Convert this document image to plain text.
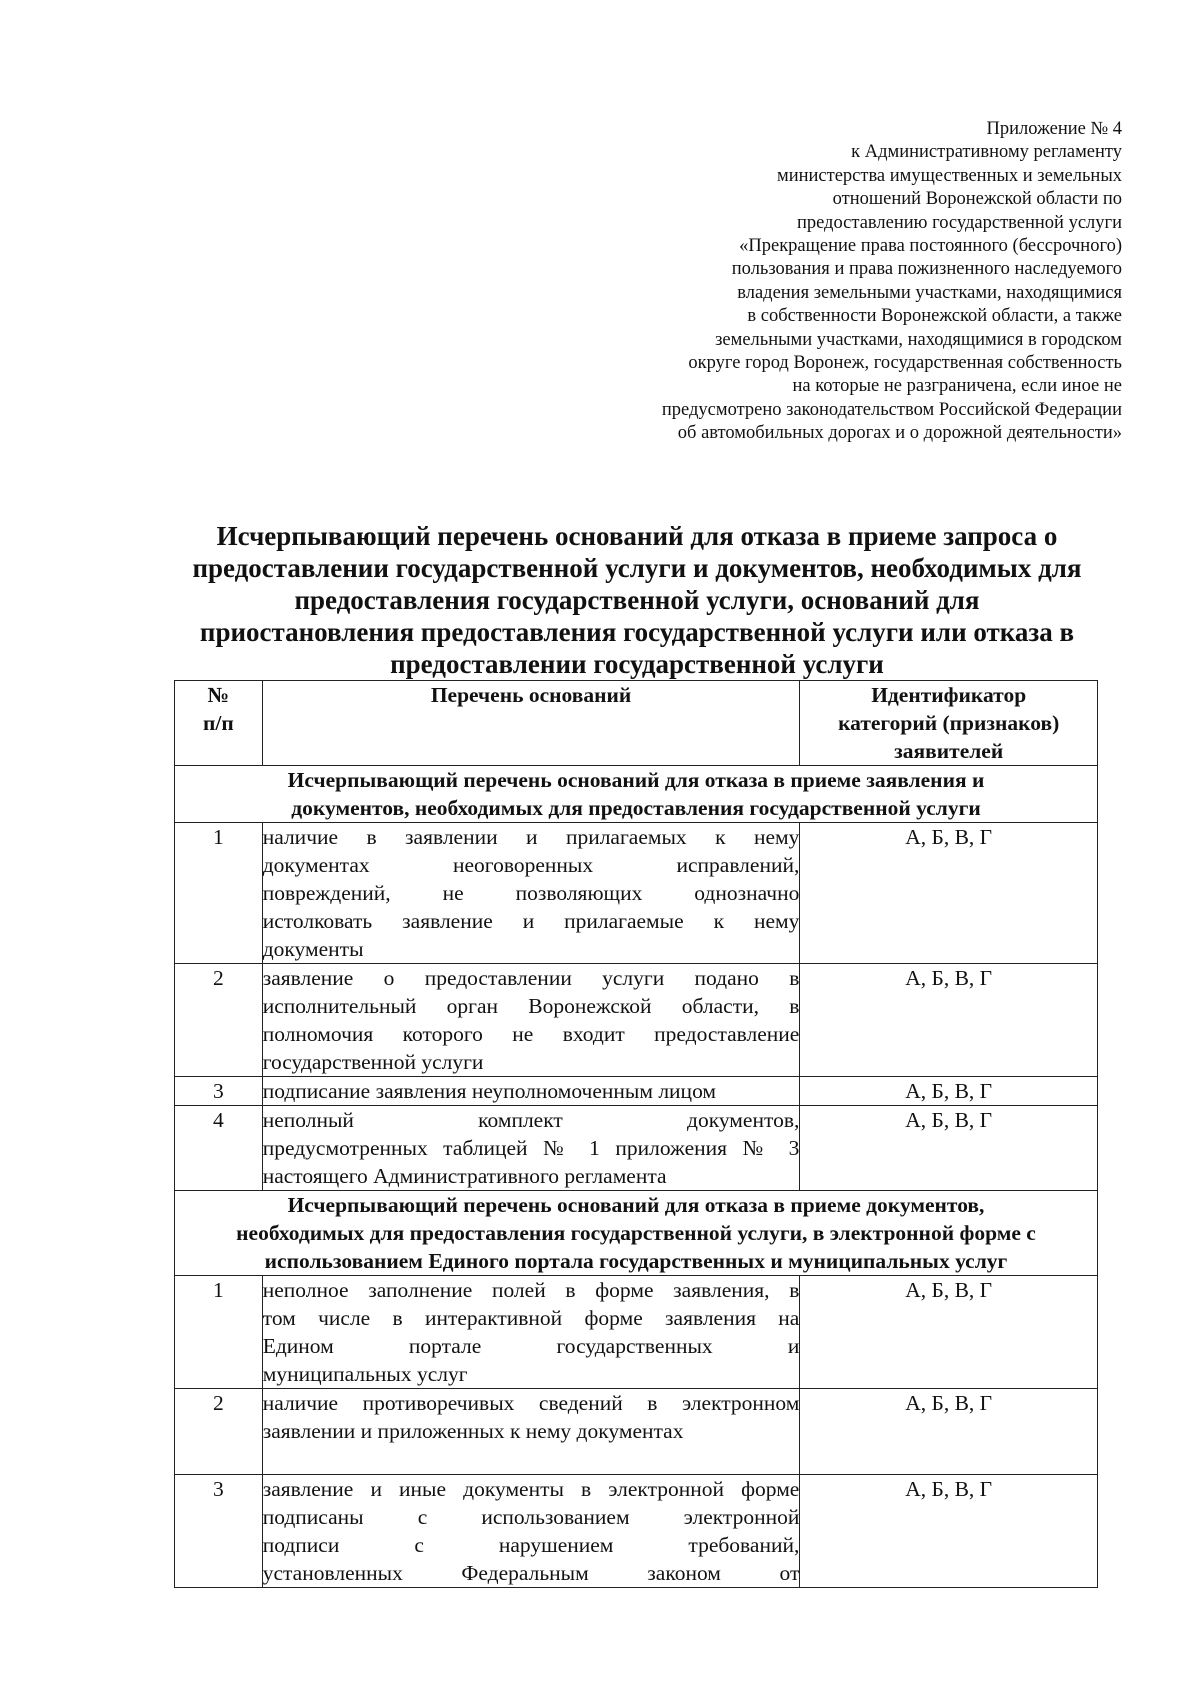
Приложение № 4
к Административному регламенту
министерства имущественных и земельных
отношений Воронежской области по
предоставлению государственной услуги
«Прекращение права постоянного (бессрочного)
пользования и права пожизненного наследуемого
владения земельными участками, находящимися
в собственности Воронежской области, а также
земельными участками, находящимися в городском
округе город Воронеж, государственная собственность
на которые не разграничена, если иное не
предусмотрено законодательством Российской Федерации
об автомобильных дорогах и о дорожной деятельности»
Исчерпывающий перечень оснований для отказа в приеме запроса о
предоставлении государственной услуги и документов, необходимых для
предоставления государственной услуги, оснований для
приостановления предоставления государственной услуги или отказа в
предоставлении государственной услуги
№
п/п	Перечень оснований	Идентификатор
категорий (признаков)
заявителей

Исчерпывающий перечень оснований для отказа в приеме заявления и
документов, необходимых для предоставления государственной услуги		

1	наличие в заявлении и прилагаемых к нему
документах неоговоренных исправлений,
повреждений, не позволяющих однозначно
истолковать заявление и прилагаемые к нему
документы	А, Б, В, Г
2	заявление о предоставлении услуги подано в
исполнительный орган Воронежской области, в
полномочия которого не входит предоставление
государственной услуги	А, Б, В, Г
3	подписание заявления неуполномоченным лицом	А, Б, В, Г
4	неполный комплект документов,
предусмотренных таблицей № 1 приложения № 3
настоящего Административного регламента	А, Б, В, Г

Исчерпывающий перечень оснований для отказа в приеме документов,
необходимых для предоставления государственной услуги, в электронной форме с
использованием Единого портала государственных и муниципальных услуг		

1	неполное заполнение полей в форме заявления, в
том числе в интерактивной форме заявления на
Едином портале государственных и
муниципальных услуг	А, Б, В, Г
2	наличие противоречивых сведений в электронном
заявлении и приложенных к нему документах	А, Б, В, Г
3	заявление и иные документы в электронной форме
подписаны с использованием электронной
подписи с нарушением требований,
установленных Федеральным законом от	А, Б, В, Г
